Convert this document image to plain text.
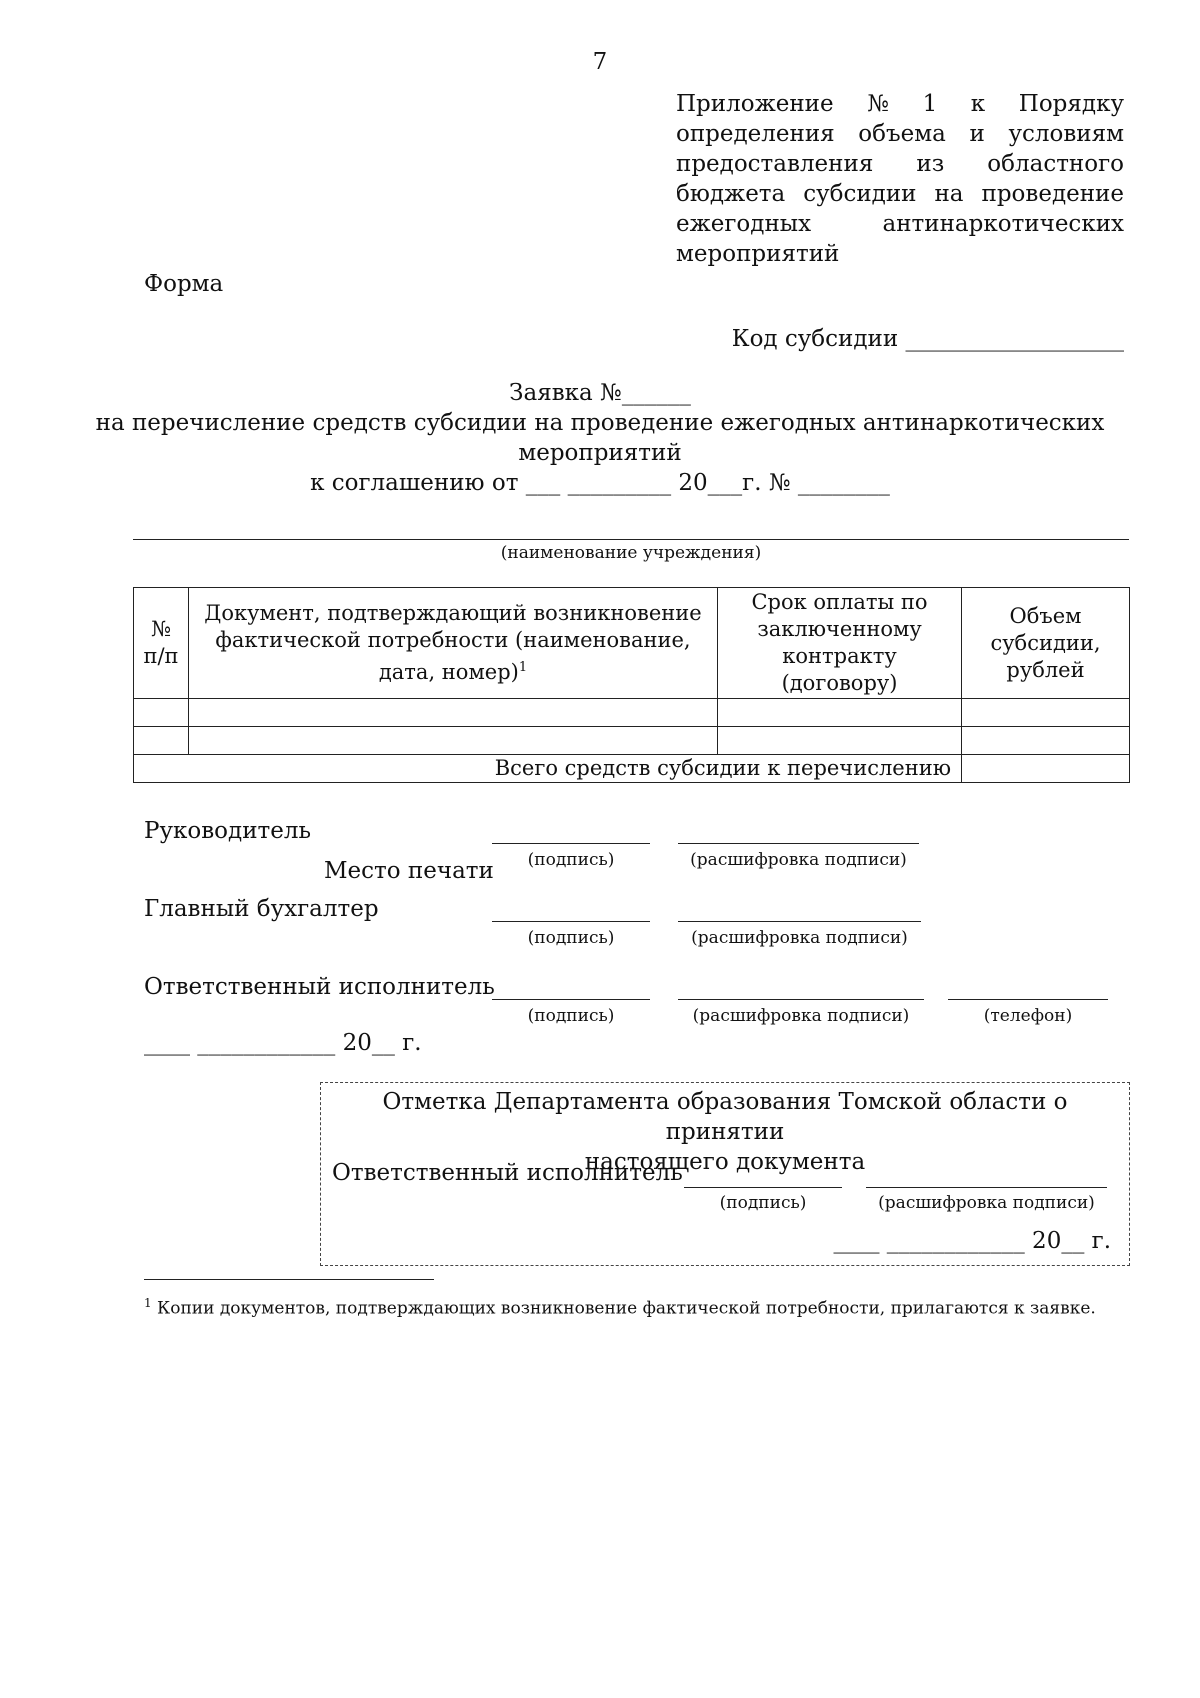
7
Приложение № 1 к Порядку
определения объема и условиям
предоставления из областного
бюджета субсидии на проведение
ежегодных антинаркотических
мероприятий
Форма
Код субсидии ___________________
Заявка №______
на перечисление средств субсидии на проведение ежегодных антинаркотических
мероприятий
к соглашению от ___ _________ 20___г. № ________
(наименование учреждения)
№ п/п	Документ, подтверждающий возникновение фактической потребности (наименование, дата, номер)$^1$	Срок оплаты по заключенному контракту (договору)	Объем субсидии, рублей

Всего средств субсидии к перечислению			
Руководитель
(подпись)	(расшифровка подписи)
Место печати
Главный бухгалтер
(подпись)	(расшифровка подписи)
Ответственный исполнитель
(подпись)	(расшифровка подписи)	(телефон)
____ ____________ 20__ г.
Отметка Департамента образования Томской области о принятии
настоящего документа
Ответственный исполнитель
(подпись)	(расшифровка подписи)
____ ____________ 20__ г.
$^1$ Копии документов, подтверждающих возникновение фактической потребности, прилагаются к заявке.
